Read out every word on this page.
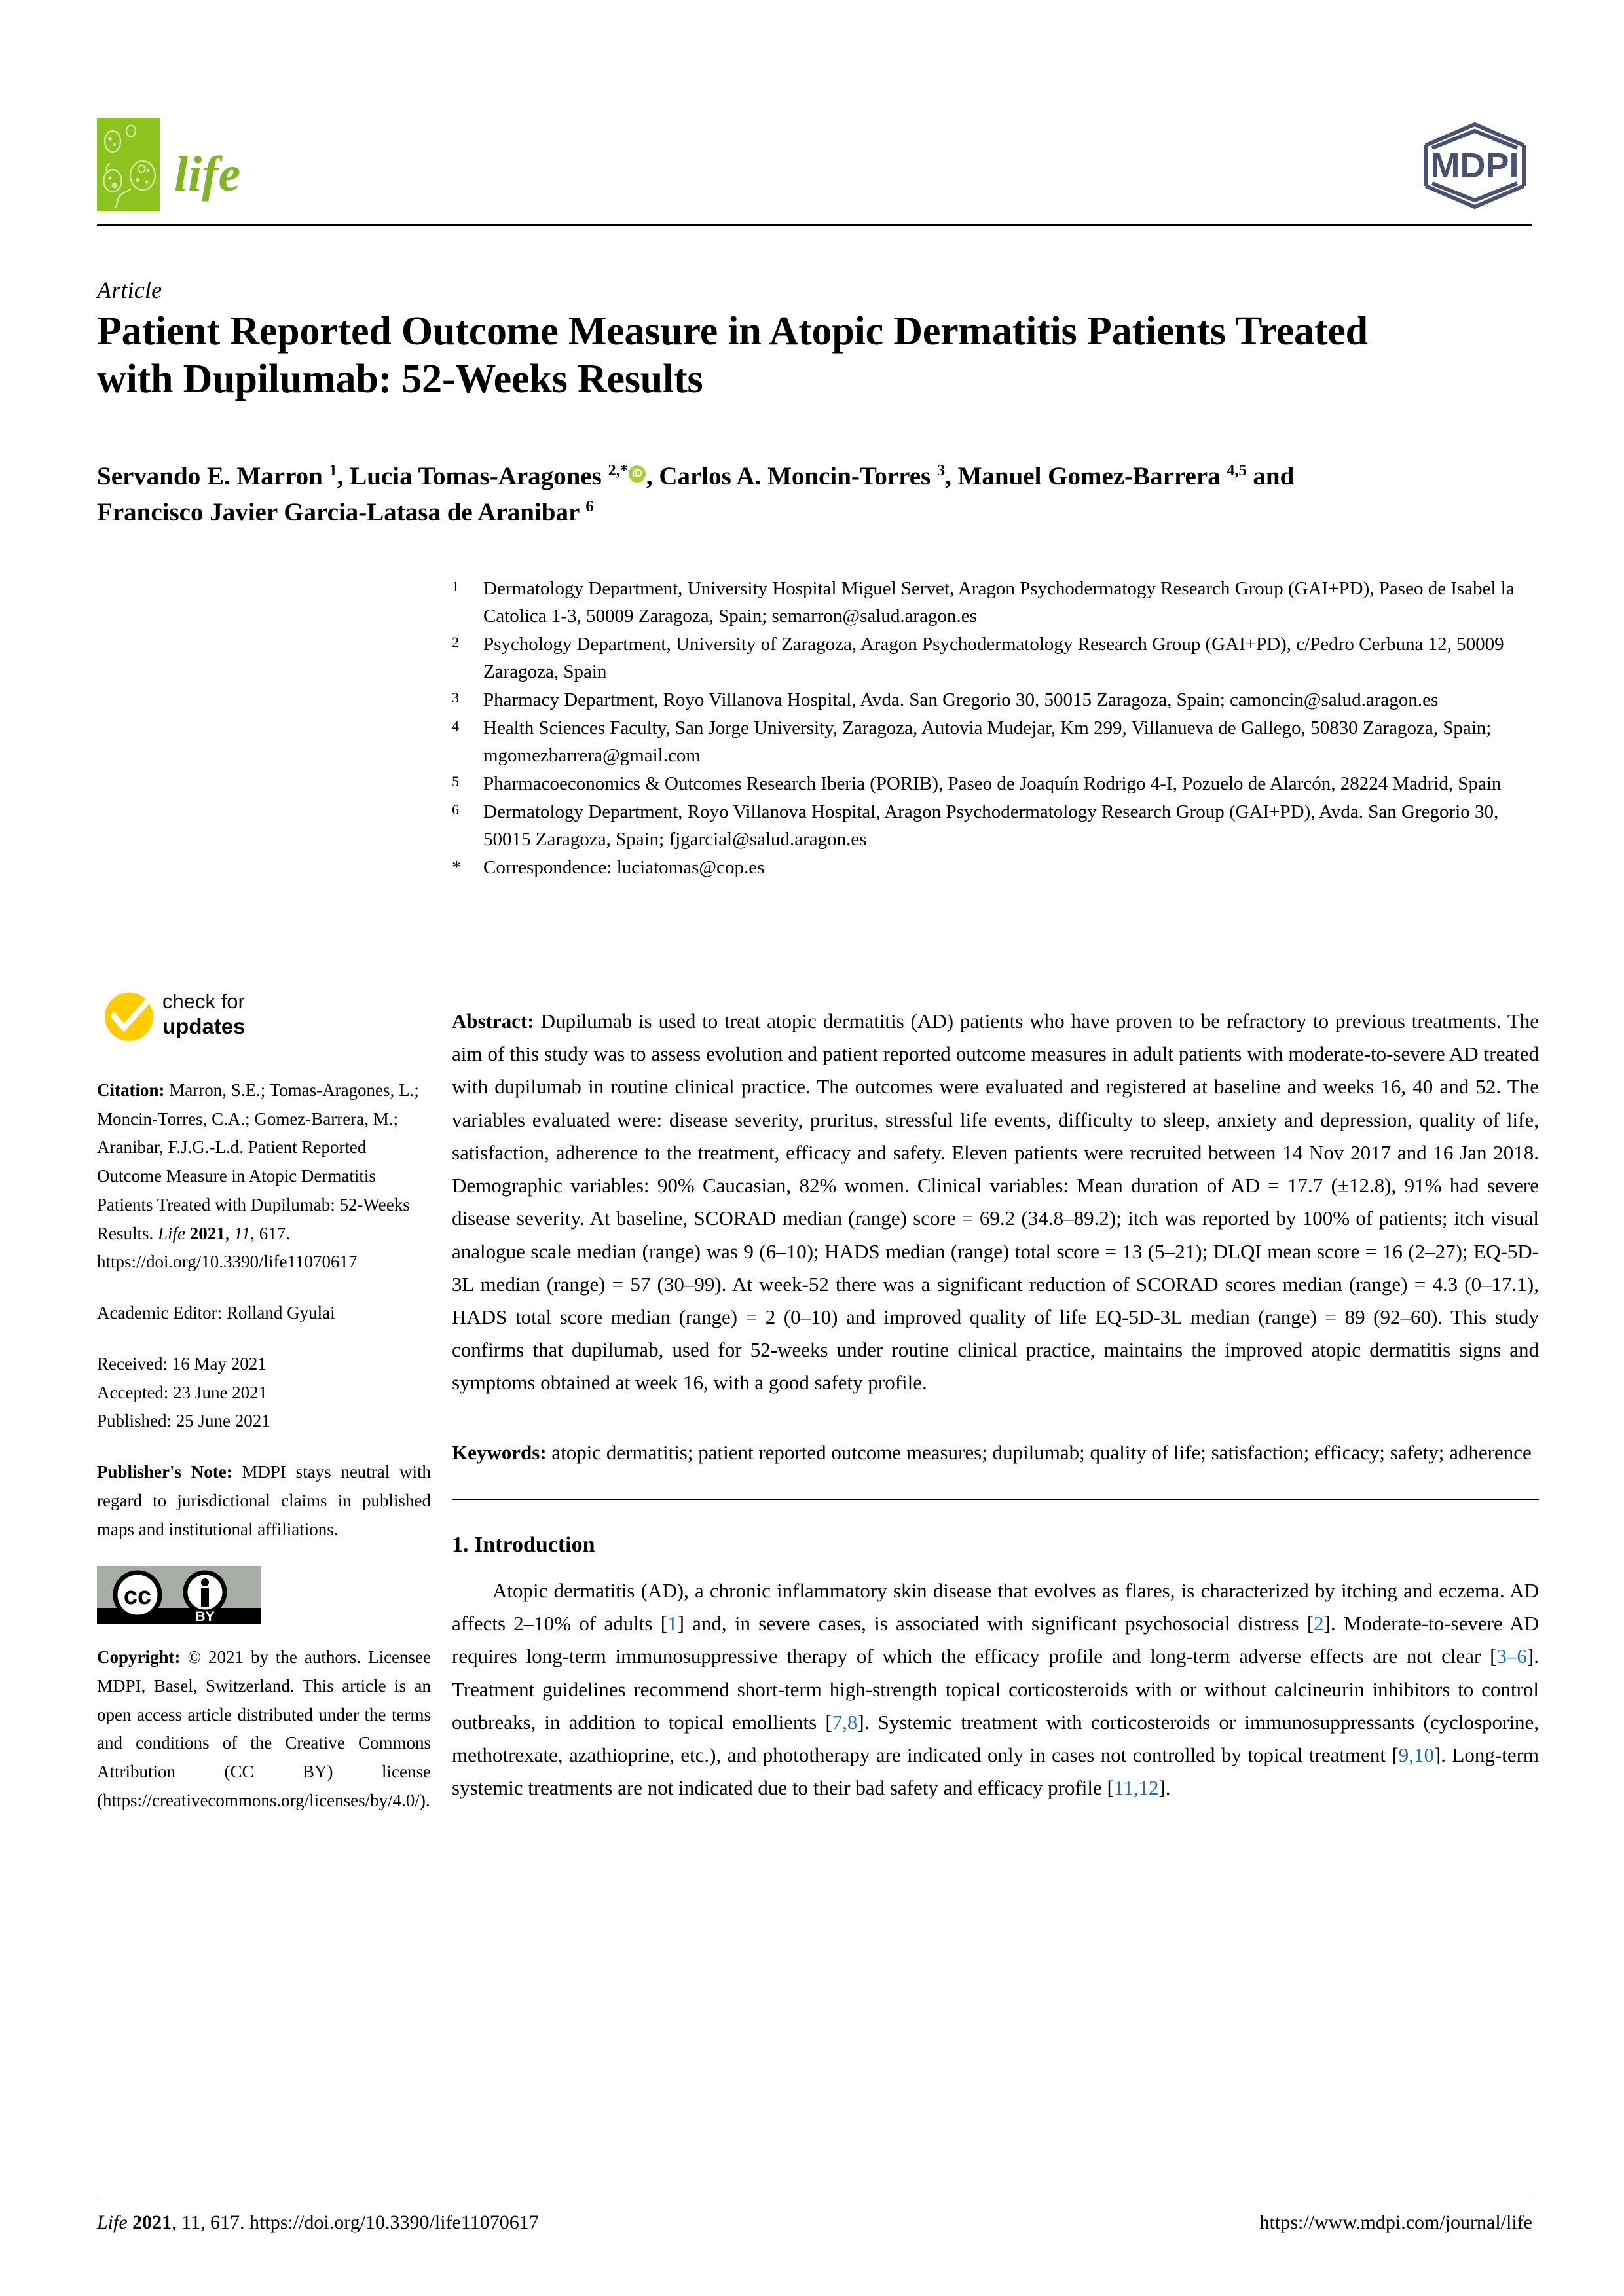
life	MDPI
Article
Patient Reported Outcome Measure in Atopic Dermatitis Patients Treated with Dupilumab: 52-Weeks Results
Servando E. Marron $^1$, Lucia Tomas-Aragones $^{2,*}$ iD , Carlos A. Moncin-Torres $^3$, Manuel Gomez-Barrera $^{4,5}$ and
Francisco Javier Garcia-Latasa de Aranibar $^6$
1	Dermatology Department, University Hospital Miguel Servet, Aragon Psychodermatogy Research Group (GAI+PD), Paseo de Isabel la Catolica 1-3, 50009 Zaragoza, Spain; semarron@salud.aragon.es
2	Psychology Department, University of Zaragoza, Aragon Psychodermatology Research Group (GAI+PD), c/Pedro Cerbuna 12, 50009 Zaragoza, Spain
3	Pharmacy Department, Royo Villanova Hospital, Avda. San Gregorio 30, 50015 Zaragoza, Spain; camoncin@salud.aragon.es
4	Health Sciences Faculty, San Jorge University, Zaragoza, Autovia Mudejar, Km 299, Villanueva de Gallego, 50830 Zaragoza, Spain; mgomezbarrera@gmail.com
5	Pharmacoeconomics & Outcomes Research Iberia (PORIB), Paseo de Joaquín Rodrigo 4-I, Pozuelo de Alarcón, 28224 Madrid, Spain
6	Dermatology Department, Royo Villanova Hospital, Aragon Psychodermatology Research Group (GAI+PD), Avda. San Gregorio 30, 50015 Zaragoza, Spain; fjgarcial@salud.aragon.es
*	Correspondence: luciatomas@cop.es
check for
updates
Citation: Marron, S.E.; Tomas-Aragones, L.; Moncin-Torres, C.A.; Gomez-Barrera, M.; Aranibar, F.J.G.-L.d. Patient Reported Outcome Measure in Atopic Dermatitis Patients Treated with Dupilumab: 52-Weeks Results. Life 2021, 11, 617. https://doi.org/10.3390/life11070617
Academic Editor: Rolland Gyulai
Received: 16 May 2021
Accepted: 23 June 2021
Published: 25 June 2021
Publisher's Note: MDPI stays neutral with regard to jurisdictional claims in published maps and institutional affiliations.
cc
BY
Copyright: © 2021 by the authors. Licensee MDPI, Basel, Switzerland. This article is an open access article distributed under the terms and conditions of the Creative Commons Attribution (CC BY) license (https://creativecommons.org/licenses/by/4.0/).
Abstract: Dupilumab is used to treat atopic dermatitis (AD) patients who have proven to be refractory to previous treatments. The aim of this study was to assess evolution and patient reported outcome measures in adult patients with moderate-to-severe AD treated with dupilumab in routine clinical practice. The outcomes were evaluated and registered at baseline and weeks 16, 40 and 52. The variables evaluated were: disease severity, pruritus, stressful life events, difficulty to sleep, anxiety and depression, quality of life, satisfaction, adherence to the treatment, efficacy and safety. Eleven patients were recruited between 14 Nov 2017 and 16 Jan 2018. Demographic variables: 90% Caucasian, 82% women. Clinical variables: Mean duration of AD = 17.7 (±12.8), 91% had severe disease severity. At baseline, SCORAD median (range) score = 69.2 (34.8–89.2); itch was reported by 100% of patients; itch visual analogue scale median (range) was 9 (6–10); HADS median (range) total score = 13 (5–21); DLQI mean score = 16 (2–27); EQ-5D-3L median (range) = 57 (30–99). At week-52 there was a significant reduction of SCORAD scores median (range) = 4.3 (0–17.1), HADS total score median (range) = 2 (0–10) and improved quality of life EQ-5D-3L median (range) = 89 (92–60). This study confirms that dupilumab, used for 52-weeks under routine clinical practice, maintains the improved atopic dermatitis signs and symptoms obtained at week 16, with a good safety profile.
Keywords: atopic dermatitis; patient reported outcome measures; dupilumab; quality of life; satisfaction; efficacy; safety; adherence
1. Introduction
Atopic dermatitis (AD), a chronic inflammatory skin disease that evolves as flares, is characterized by itching and eczema. AD affects 2–10% of adults [1] and, in severe cases, is associated with significant psychosocial distress [2]. Moderate-to-severe AD requires long-term immunosuppressive therapy of which the efficacy profile and long-term adverse effects are not clear [3–6]. Treatment guidelines recommend short-term high-strength topical corticosteroids with or without calcineurin inhibitors to control outbreaks, in addition to topical emollients [7,8]. Systemic treatment with corticosteroids or immunosuppressants (cyclosporine, methotrexate, azathioprine, etc.), and phototherapy are indicated only in cases not controlled by topical treatment [9,10]. Long-term systemic treatments are not indicated due to their bad safety and efficacy profile [11,12].
Life 2021, 11, 617. https://doi.org/10.3390/life11070617	https://www.mdpi.com/journal/life
